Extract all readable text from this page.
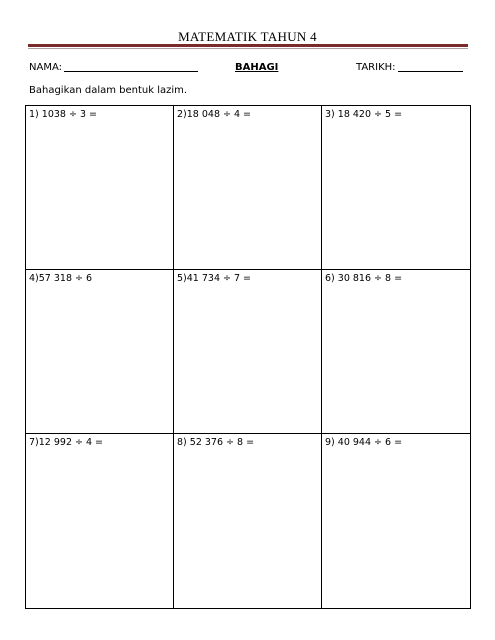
MATEMATIK TAHUN 4
NAMA:	BAHAGI	TARIKH:
Bahagikan dalam bentuk lazim.
1) 1038 ÷ 3 =	2)18 048 ÷ 4 =	3) 18 420 ÷ 5 =
4)57 318 ÷ 6	5)41 734 ÷ 7 =	6) 30 816 ÷ 8 =
7)12 992 ÷ 4 =	8) 52 376 ÷ 8 =	9) 40 944 ÷ 6 =
